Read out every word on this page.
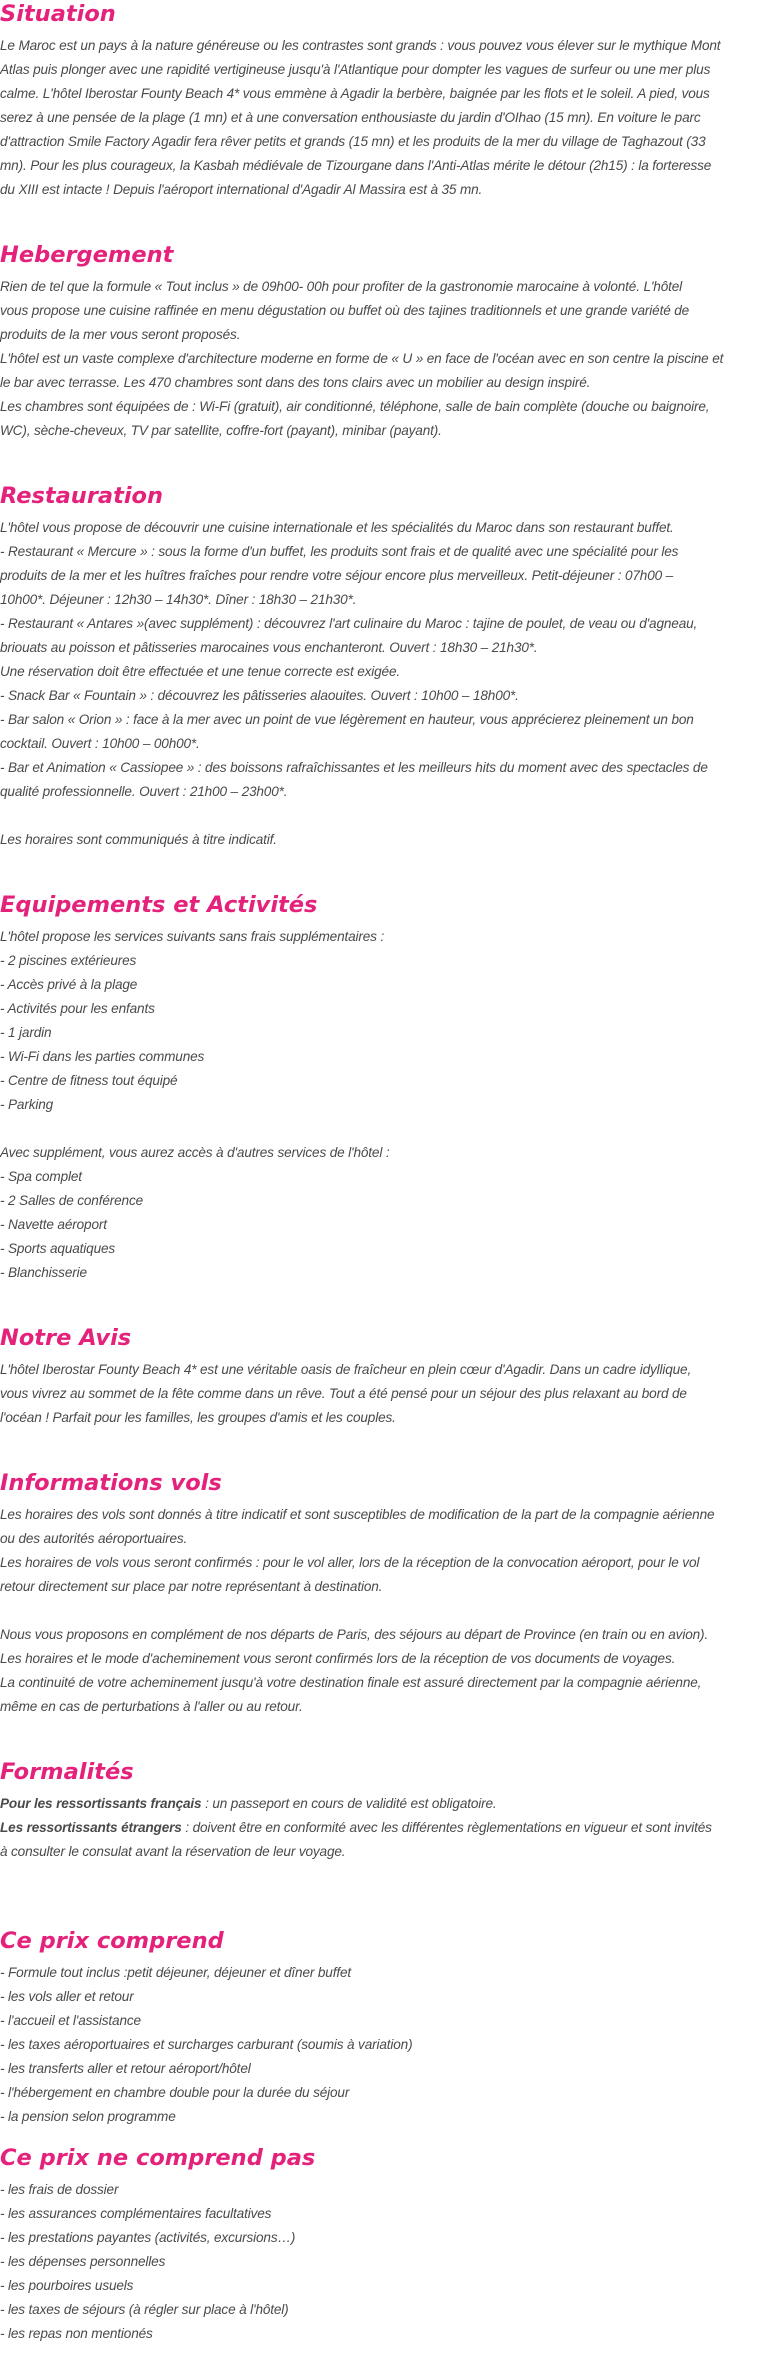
Situation
Le Maroc est un pays à la nature généreuse ou les contrastes sont grands : vous pouvez vous élever sur le mythique Mont
Atlas puis plonger avec une rapidité vertigineuse jusqu'à l'Atlantique pour dompter les vagues de surfeur ou une mer plus
calme. L'hôtel Iberostar Founty Beach 4* vous emmène à Agadir la berbère, baignée par les flots et le soleil. A pied, vous
serez à une pensée de la plage (1 mn) et à une conversation enthousiaste du jardin d'OIhao (15 mn). En voiture le parc
d'attraction Smile Factory Agadir fera rêver petits et grands (15 mn) et les produits de la mer du village de Taghazout (33
mn). Pour les plus courageux, la Kasbah médiévale de Tizourgane dans l'Anti-Atlas mérite le détour (2h15) : la forteresse
du XIII est intacte ! Depuis l'aéroport international d'Agadir Al Massira est à 35 mn.
Hebergement
Rien de tel que la formule « Tout inclus » de 09h00- 00h pour profiter de la gastronomie marocaine à volonté. L'hôtel
vous propose une cuisine raffinée en menu dégustation ou buffet où des tajines traditionnels et une grande variété de
produits de la mer vous seront proposés.
L'hôtel est un vaste complexe d'architecture moderne en forme de « U » en face de l'océan avec en son centre la piscine et
le bar avec terrasse. Les 470 chambres sont dans des tons clairs avec un mobilier au design inspiré.
Les chambres sont équipées de : Wi-Fi (gratuit), air conditionné, téléphone, salle de bain complète (douche ou baignoire,
WC), sèche-cheveux, TV par satellite, coffre-fort (payant), minibar (payant).
Restauration
L'hôtel vous propose de découvrir une cuisine internationale et les spécialités du Maroc dans son restaurant buffet.
- Restaurant « Mercure » : sous la forme d'un buffet, les produits sont frais et de qualité avec une spécialité pour les
produits de la mer et les huîtres fraîches pour rendre votre séjour encore plus merveilleux. Petit-déjeuner : 07h00 –
10h00*. Déjeuner : 12h30 – 14h30*. Dîner : 18h30 – 21h30*.
- Restaurant « Antares »(avec supplément) : découvrez l'art culinaire du Maroc : tajine de poulet, de veau ou d'agneau,
briouats au poisson et pâtisseries marocaines vous enchanteront. Ouvert : 18h30 – 21h30*.
Une réservation doit être effectuée et une tenue correcte est exigée.
- Snack Bar « Fountain » : découvrez les pâtisseries alaouites. Ouvert : 10h00 – 18h00*.
- Bar salon « Orion » : face à la mer avec un point de vue légèrement en hauteur, vous apprécierez pleinement un bon
cocktail. Ouvert : 10h00 – 00h00*.
- Bar et Animation « Cassiopee » : des boissons rafraîchissantes et les meilleurs hits du moment avec des spectacles de
qualité professionnelle. Ouvert : 21h00 – 23h00*.
Les horaires sont communiqués à titre indicatif.
Equipements et Activités
L'hôtel propose les services suivants sans frais supplémentaires :
- 2 piscines extérieures
- Accès privé à la plage
- Activités pour les enfants
- 1 jardin
- Wi-Fi dans les parties communes
- Centre de fitness tout équipé
- Parking
Avec supplément, vous aurez accès à d'autres services de l'hôtel :
- Spa complet
- 2 Salles de conférence
- Navette aéroport
- Sports aquatiques
- Blanchisserie
Notre Avis
L'hôtel Iberostar Founty Beach 4* est une véritable oasis de fraîcheur en plein cœur d'Agadir. Dans un cadre idyllique,
vous vivrez au sommet de la fête comme dans un rêve. Tout a été pensé pour un séjour des plus relaxant au bord de
l'océan ! Parfait pour les familles, les groupes d'amis et les couples.
Informations vols
Les horaires des vols sont donnés à titre indicatif et sont susceptibles de modification de la part de la compagnie aérienne
ou des autorités aéroportuaires.
Les horaires de vols vous seront confirmés : pour le vol aller, lors de la réception de la convocation aéroport, pour le vol
retour directement sur place par notre représentant à destination.
Nous vous proposons en complément de nos départs de Paris, des séjours au départ de Province (en train ou en avion).
Les horaires et le mode d'acheminement vous seront confirmés lors de la réception de vos documents de voyages.
La continuité de votre acheminement jusqu'à votre destination finale est assuré directement par la compagnie aérienne,
même en cas de perturbations à l'aller ou au retour.
Formalités
Pour les ressortissants français : un passeport en cours de validité est obligatoire.
Les ressortissants étrangers : doivent être en conformité avec les différentes règlementations en vigueur et sont invités
à consulter le consulat avant la réservation de leur voyage.
Ce prix comprend
- Formule tout inclus :petit déjeuner, déjeuner et dîner buffet
- les vols aller et retour
- l'accueil et l'assistance
- les taxes aéroportuaires et surcharges carburant (soumis à variation)
- les transferts aller et retour aéroport/hôtel
- l'hébergement en chambre double pour la durée du séjour
- la pension selon programme
Ce prix ne comprend pas
- les frais de dossier
- les assurances complémentaires facultatives
- les prestations payantes (activités, excursions…)
- les dépenses personnelles
- les pourboires usuels
- les taxes de séjours (à régler sur place à l'hôtel)
- les repas non mentionés
